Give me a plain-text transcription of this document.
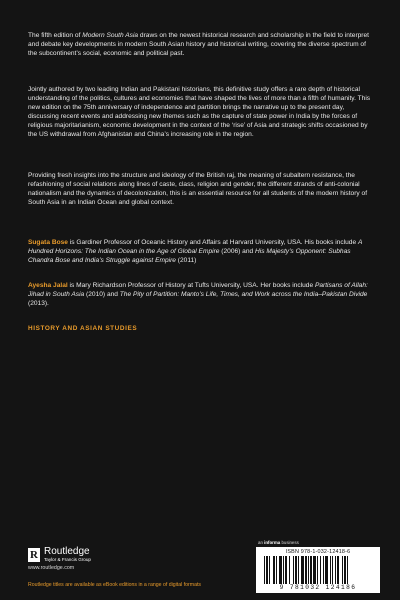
The fifth edition of Modern South Asia draws on the newest historical research and scholarship in the field to interpret and debate key developments in modern South Asian history and historical writing, covering the diverse spectrum of the subcontinent’s social, economic and political past.

Jointly authored by two leading Indian and Pakistani historians, this definitive study offers a rare depth of historical understanding of the politics, cultures and economies that have shaped the lives of more than a fifth of humanity. This new edition on the 75th anniversary of independence and partition brings the narrative up to the present day, discussing recent events and addressing new themes such as the capture of state power in India by the forces of religious majoritarianism, economic development in the context of the ‘rise’ of Asia and strategic shifts occasioned by the US withdrawal from Afghanistan and China’s increasing role in the region.

Providing fresh insights into the structure and ideology of the British raj, the meaning of subaltern resistance, the refashioning of social relations along lines of caste, class, religion and gender, the different strands of anti-colonial nationalism and the dynamics of decolonization, this is an essential resource for all students of the modern history of South Asia in an Indian Ocean and global context.

Sugata Bose is Gardiner Professor of Oceanic History and Affairs at Harvard University, USA. His books include A Hundred Horizons: The Indian Ocean in the Age of Global Empire (2006) and His Majesty’s Opponent: Subhas Chandra Bose and India’s Struggle against Empire (2011)

Ayesha Jalal is Mary Richardson Professor of History at Tufts University, USA. Her books include Partisans of Allah: Jihad in South Asia (2010) and The Pity of Partition: Manto’s Life, Times, and Work across the India–Pakistan Divide (2013).

HISTORY AND ASIAN STUDIES
R Routledge
Taylor & Francis Group
www.routledge.com
Routledge titles are available as eBook editions in a range of digital formats
an informa business
ISBN 978-1-032-12418-6
9 781032 124186
